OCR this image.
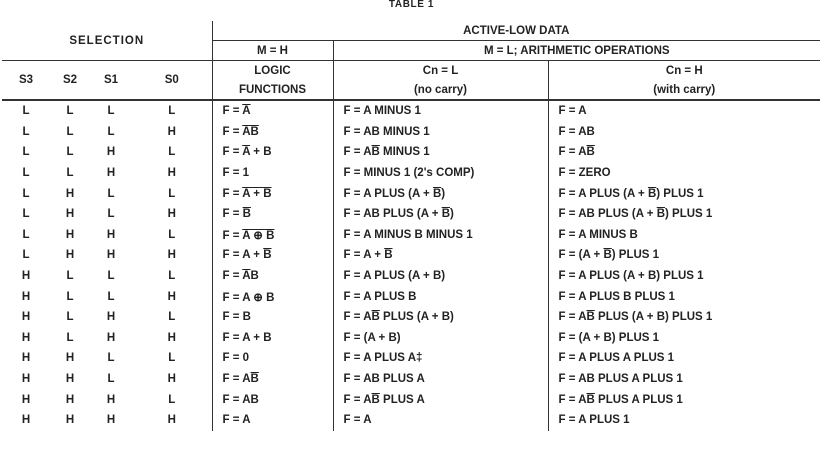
TABLE 1
SELECTION				ACTIVE-LOW DATA		
				M = H	M = L; ARITHMETIC OPERATIONS	
S3	S2	S1	S0	LOGIC	Cn = L	Cn = H
				FUNCTIONS	(no carry)	(with carry)
L	L	L	L	$F = \overline{A}$	F = A MINUS 1	F = A
L	L	L	H	$F = \overline{AB}$	F = AB MINUS 1	F = AB
L	L	H	L	$F = \overline{A} + B$	$F = A\overline{B}$ MINUS 1	$F = A\overline{B}$
L	L	H	H	F = 1	F = MINUS 1 (2's COMP)	F = ZERO
L	H	L	L	F = A + B	F = A PLUS $(A + \overline{B})$	F = A PLUS $(A + \overline{B})$ PLUS 1
L	H	L	H	$F = \overline{B}$	F = AB PLUS $(A + \overline{B})$	F = AB PLUS $(A + \overline{B})$ PLUS 1
L	H	H	L	F = A ⊕ B	F = A MINUS B MINUS 1	F = A MINUS B
L	H	H	H	$F = A + \overline{B}$	$F = A + \overline{B}$	$F = (A + \overline{B})$ PLUS 1
H	L	L	L	$F = \overline{A}B$	F = A PLUS (A + B)	F = A PLUS (A + B) PLUS 1
H	L	L	H	F = A ⊕ B	F = A PLUS B	F = A PLUS B PLUS 1
H	L	H	L	F = B	$F = A\overline{B}$ PLUS (A + B)	$F = A\overline{B}$ PLUS (A + B) PLUS 1
H	L	H	H	F = A + B	F = (A + B)	F = (A + B) PLUS 1
H	H	L	L	F = 0	F = A PLUS A‡	F = A PLUS A PLUS 1
H	H	L	H	$F = A\overline{B}$	F = AB PLUS A	F = AB PLUS A PLUS 1
H	H	H	L	F = AB	$F = A\overline{B}$ PLUS A	$F = A\overline{B}$ PLUS A PLUS 1
H	H	H	H	F = A	F = A	F = A PLUS 1
